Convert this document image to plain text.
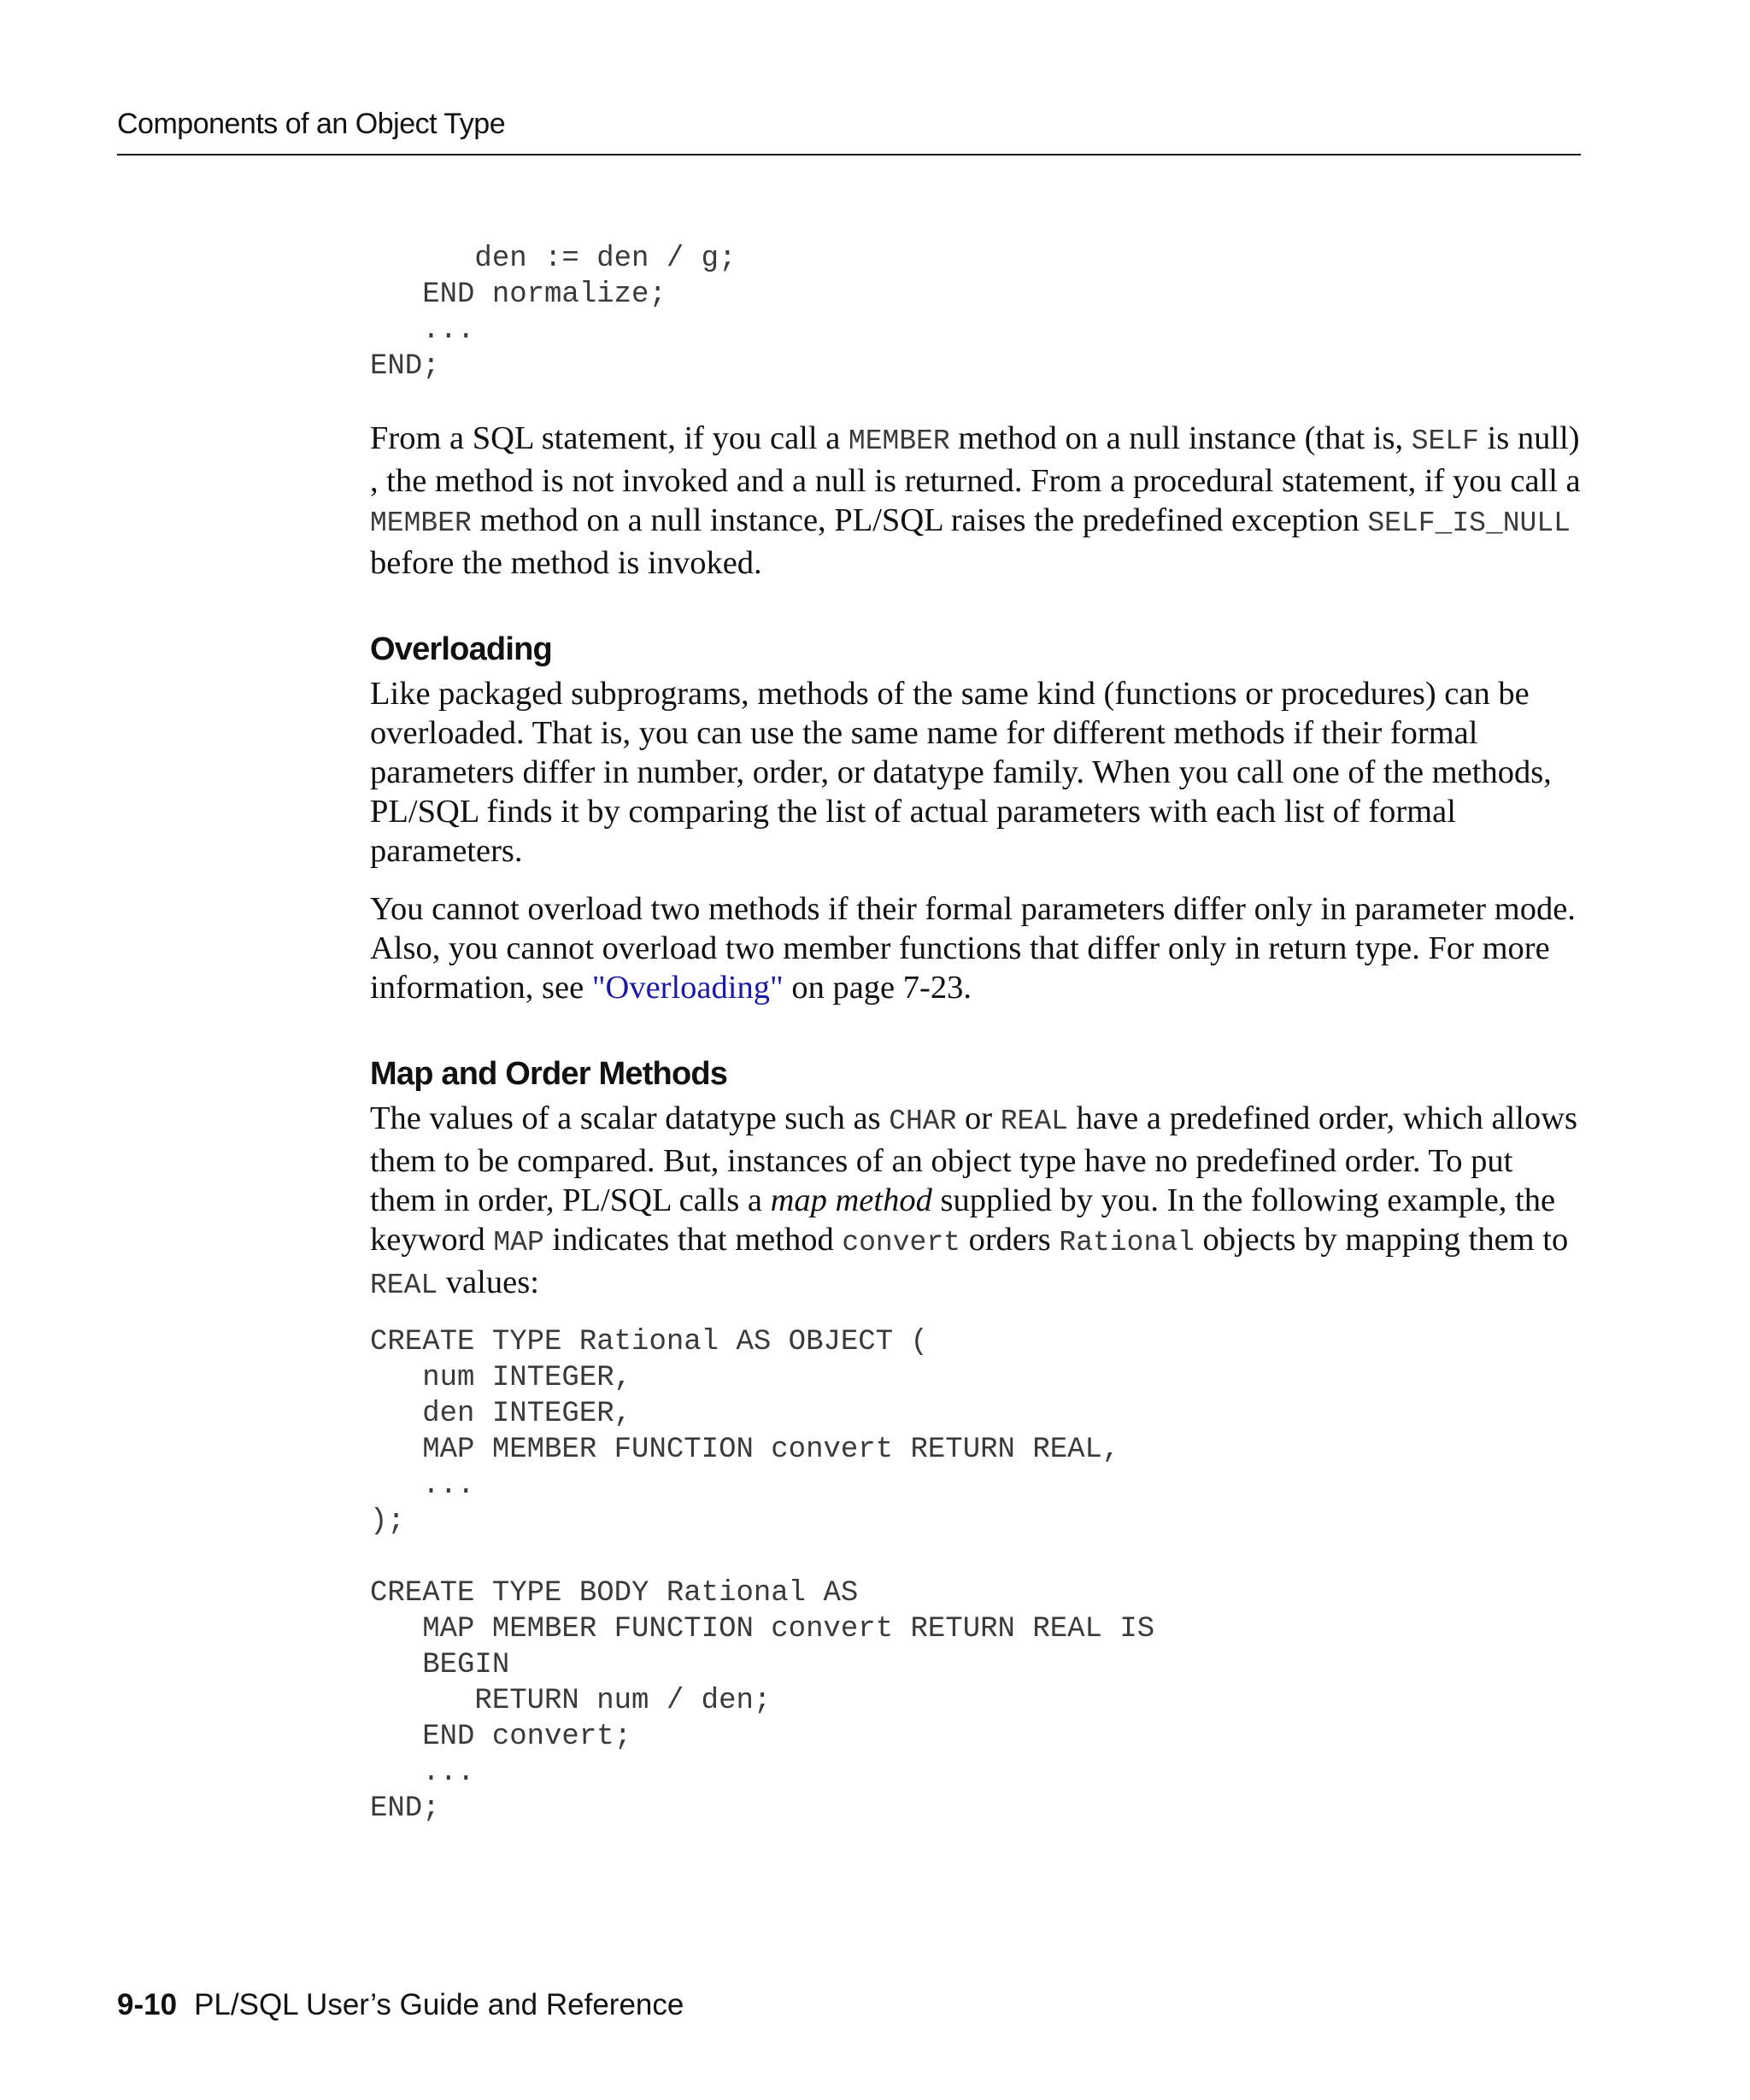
Components of an Object Type
den := den / g;
END normalize;
...
END;

From a SQL statement, if you call a MEMBER method on a null instance (that is, SELF is null) , the method is not invoked and a null is returned. From a procedural statement, if you call a MEMBER method on a null instance, PL/SQL raises the predefined exception SELF_IS_NULL before the method is invoked.

Overloading

Like packaged subprograms, methods of the same kind (functions or procedures) can be overloaded. That is, you can use the same name for different methods if their formal parameters differ in number, order, or datatype family. When you call one of the methods, PL/SQL finds it by comparing the list of actual parameters with each list of formal parameters.

You cannot overload two methods if their formal parameters differ only in parameter mode. Also, you cannot overload two member functions that differ only in return type. For more information, see "Overloading" on page 7-23.

Map and Order Methods

The values of a scalar datatype such as CHAR or REAL have a predefined order, which allows them to be compared. But, instances of an object type have no predefined order. To put them in order, PL/SQL calls a map method supplied by you. In the following example, the keyword MAP indicates that method convert orders Rational objects by mapping them to REAL values:

CREATE TYPE Rational AS OBJECT (
num INTEGER,
den INTEGER,
MAP MEMBER FUNCTION convert RETURN REAL,
...
);

CREATE TYPE BODY Rational AS
MAP MEMBER FUNCTION convert RETURN REAL IS
BEGIN
RETURN num / den;
END convert;
...
END;
9-10 PL/SQL User’s Guide and Reference
